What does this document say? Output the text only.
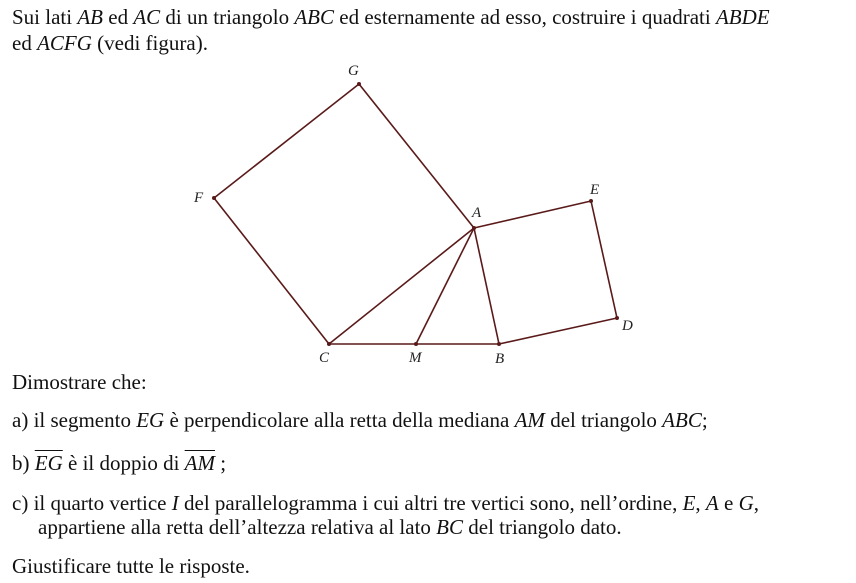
Sui lati AB ed AC di un triangolo ABC ed esternamente ad esso, costruire i quadrati ABDE
ed ACFG (vedi figura).
G
F
A
E
D
C	M	B
Dimostrare che:
a) il segmento EG è perpendicolare alla retta della mediana AM del triangolo ABC;
b) $\overline{EG}$ è il doppio di $\overline{AM}$ ;
c) il quarto vertice I del parallelogramma i cui altri tre vertici sono, nell’ordine, E, A e G,
appartiene alla retta dell’altezza relativa al lato BC del triangolo dato.
Giustificare tutte le risposte.
